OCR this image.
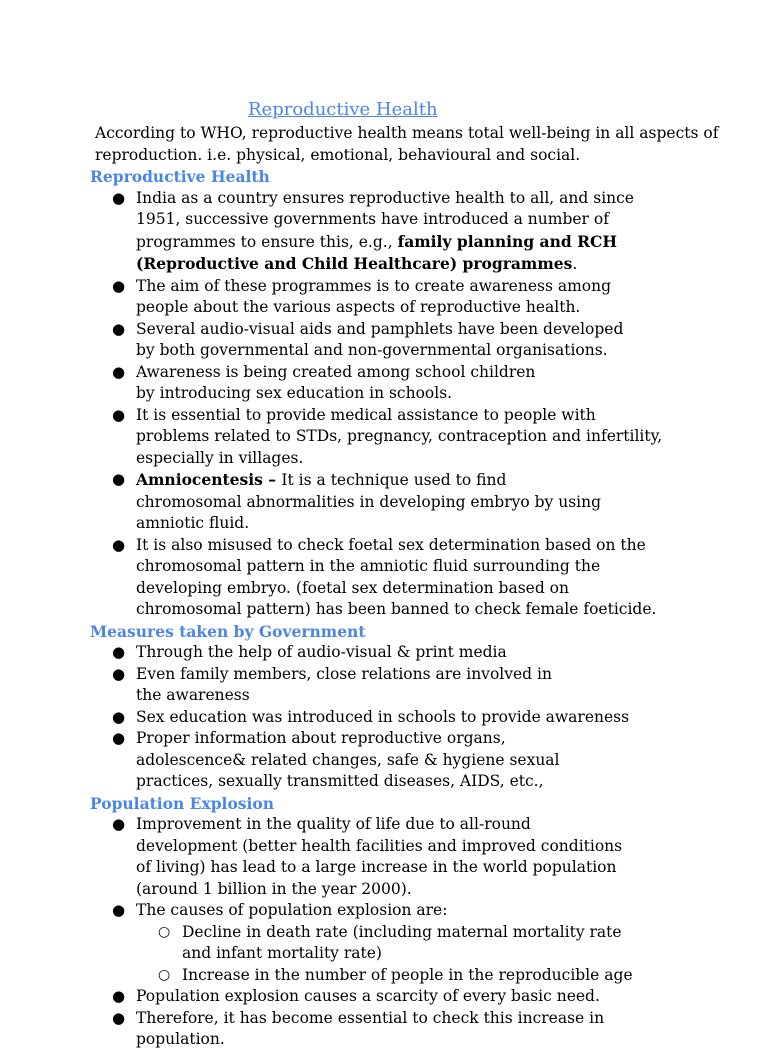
Reproductive Health

According to WHO, reproductive health means total well-being in all aspects of reproduction. i.e. physical, emotional, behavioural and social.

Reproductive Health
● India as a country ensures reproductive health to all, and since 1951, successive governments have introduced a number of programmes to ensure this, e.g., family planning and RCH (Reproductive and Child Healthcare) programmes.
● The aim of these programmes is to create awareness among people about the various aspects of reproductive health.
● Several audio-visual aids and pamphlets have been developed by both governmental and non-governmental organisations.
● Awareness is being created among school children by introducing sex education in schools.
● It is essential to provide medical assistance to people with problems related to STDs, pregnancy, contraception and infertility, especially in villages.
● Amniocentesis – It is a technique used to find chromosomal abnormalities in developing embryo by using amniotic fluid.
● It is also misused to check foetal sex determination based on the chromosomal pattern in the amniotic fluid surrounding the developing embryo. (foetal sex determination based on chromosomal pattern) has been banned to check female foeticide.
Measures taken by Government
● Through the help of audio-visual & print media
● Even family members, close relations are involved in the awareness
● Sex education was introduced in schools to provide awareness
● Proper information about reproductive organs, adolescence& related changes, safe & hygiene sexual practices, sexually transmitted diseases, AIDS, etc.,
Population Explosion
● Improvement in the quality of life due to all-round development (better health facilities and improved conditions of living) has lead to a large increase in the world population (around 1 billion in the year 2000).
● The causes of population explosion are:
○ Decline in death rate (including maternal mortality rate and infant mortality rate)
○ Increase in the number of people in the reproducible age
● Population explosion causes a scarcity of every basic need.
● Therefore, it has become essential to check this increase in population.
